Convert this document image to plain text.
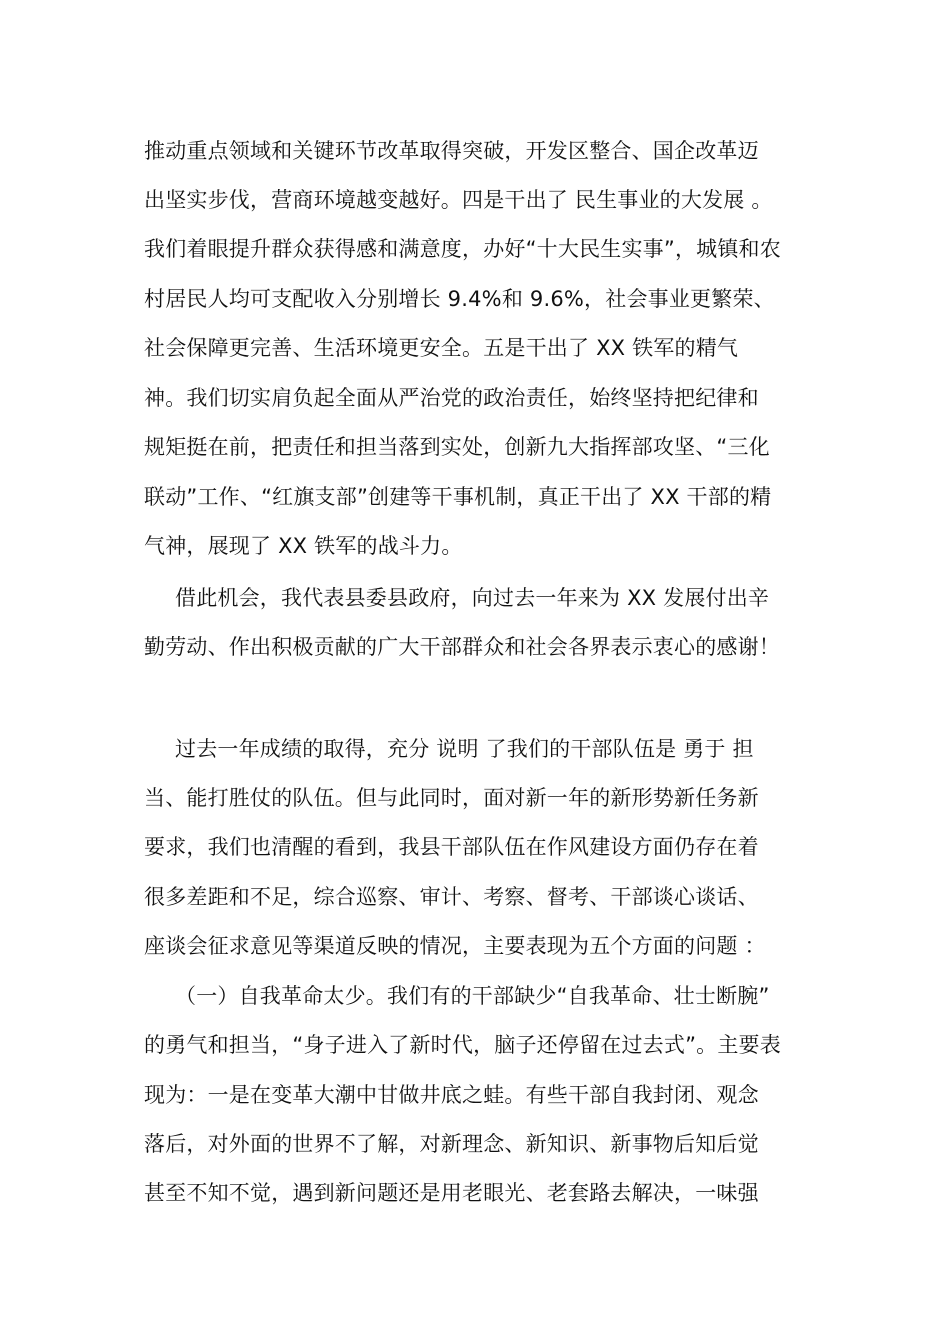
推动重点领域和关键环节改革取得突破，开发区整合、国企改革迈
出坚实步伐，营商环境越变越好。四是干出了 民生事业的大发展 。
我们着眼提升群众获得感和满意度，办好“十大民生实事”，城镇和农
村居民人均可支配收入分别增长 9.4%和 9.6%，社会事业更繁荣、
社会保障更完善、生活环境更安全。五是干出了 XX 铁军的精气
神。我们切实肩负起全面从严治党的政治责任，始终坚持把纪律和
规矩挺在前，把责任和担当落到实处，创新九大指挥部攻坚、“三化
联动”工作、“红旗支部”创建等干事机制，真正干出了 XX 干部的精
气神，展现了 XX 铁军的战斗力。
借此机会，我代表县委县政府，向过去一年来为 XX 发展付出辛
勤劳动、作出积极贡献的广大干部群众和社会各界表示衷心的感谢！
过去一年成绩的取得，充分 说明 了我们的干部队伍是 勇于 担
当、能打胜仗的队伍。但与此同时，面对新一年的新形势新任务新
要求，我们也清醒的看到，我县干部队伍在作风建设方面仍存在着
很多差距和不足，综合巡察、审计、考察、督考、干部谈心谈话、
座谈会征求意见等渠道反映的情况，主要表现为五个方面的问题 ：
（一）自我革命太少。我们有的干部缺少“自我革命、壮士断腕”
的勇气和担当，“身子进入了新时代，脑子还停留在过去式”。主要表
现为：一是在变革大潮中甘做井底之蛙。有些干部自我封闭、观念
落后，对外面的世界不了解，对新理念、新知识、新事物后知后觉
甚至不知不觉，遇到新问题还是用老眼光、老套路去解决，一味强
